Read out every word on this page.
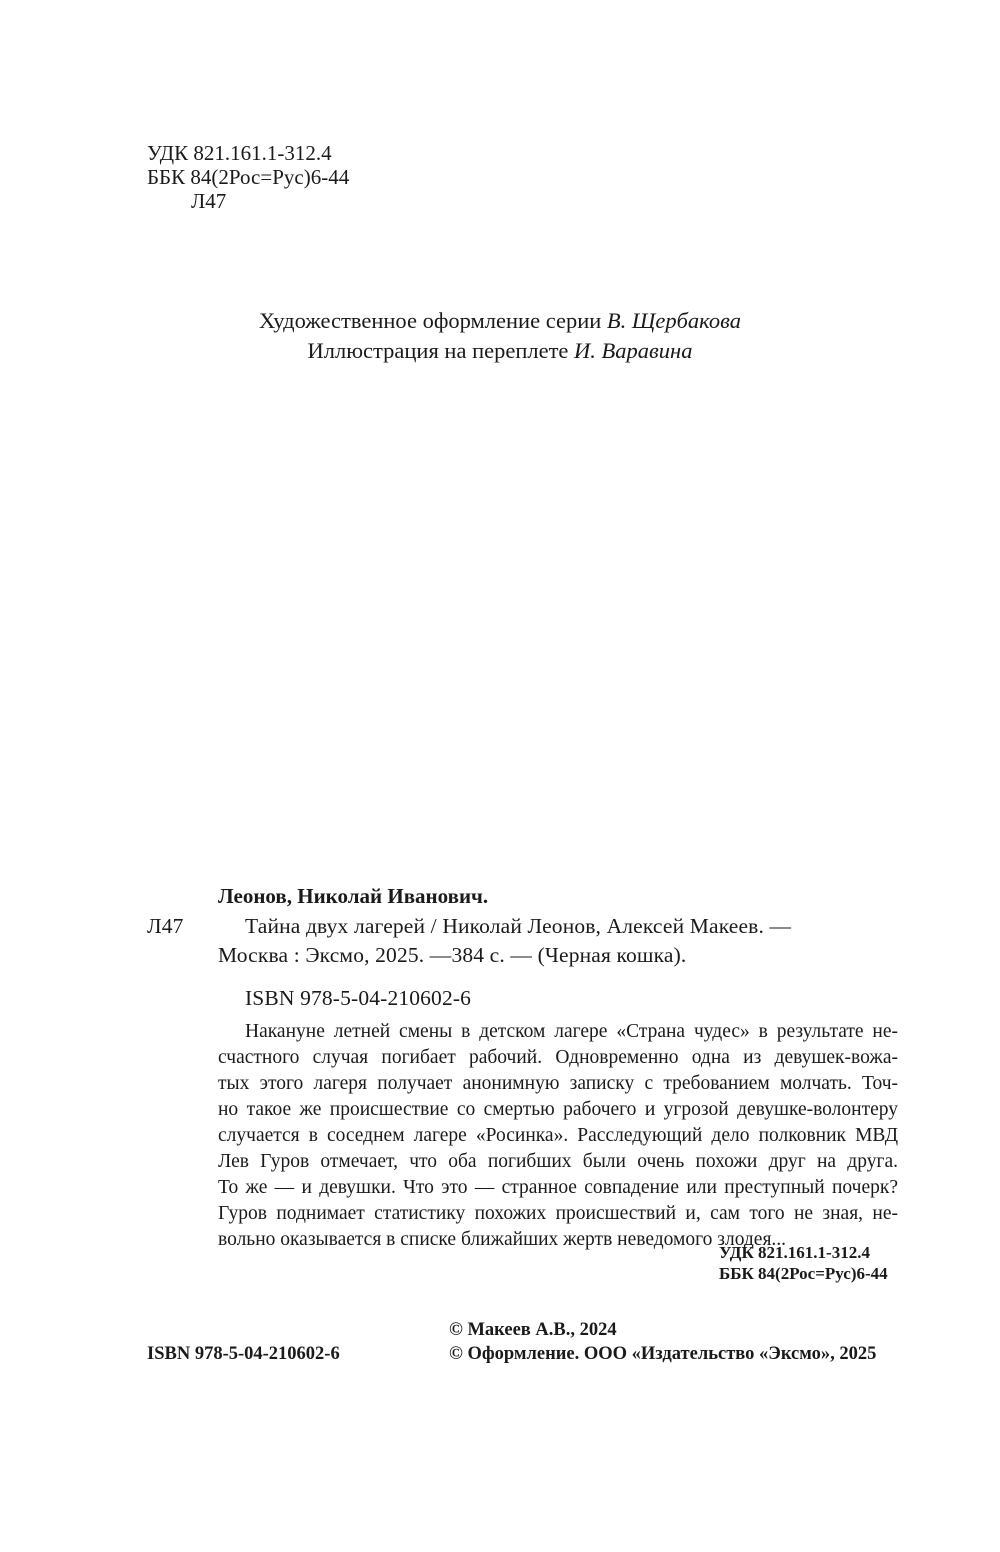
УДК 821.161.1-312.4
ББК 84(2Рос=Рус)6-44
Л47
Художественное оформление серии В. Щербакова
Иллюстрация на переплете И. Варавина
Леонов, Николай Иванович.
Л47	Тайна двух лагерей / Николай Леонов, Алексей Макеев. —
Москва : Эксмо, 2025. —384 с. — (Черная кошка).
ISBN 978-5-04-210602-6
Накануне летней смены в детском лагере «Страна чудес» в результате не-
счастного случая погибает рабочий. Одновременно одна из девушек-вожа-
тых этого лагеря получает анонимную записку с требованием молчать. Точ-
но такое же происшествие со смертью рабочего и угрозой девушке-волонтеру
случается в соседнем лагере «Росинка». Расследующий дело полковник МВД
Лев Гуров отмечает, что оба погибших были очень похожи друг на друга.
То же — и девушки. Что это — странное совпадение или преступный почерк?
Гуров поднимает статистику похожих происшествий и, сам того не зная, не-
вольно оказывается в списке ближайших жертв неведомого злодея...
УДК 821.161.1-312.4
ББК 84(2Рос=Рус)6-44
© Макеев А.В., 2024
ISBN 978-5-04-210602-6	© Оформление. ООО «Издательство «Эксмо», 2025
